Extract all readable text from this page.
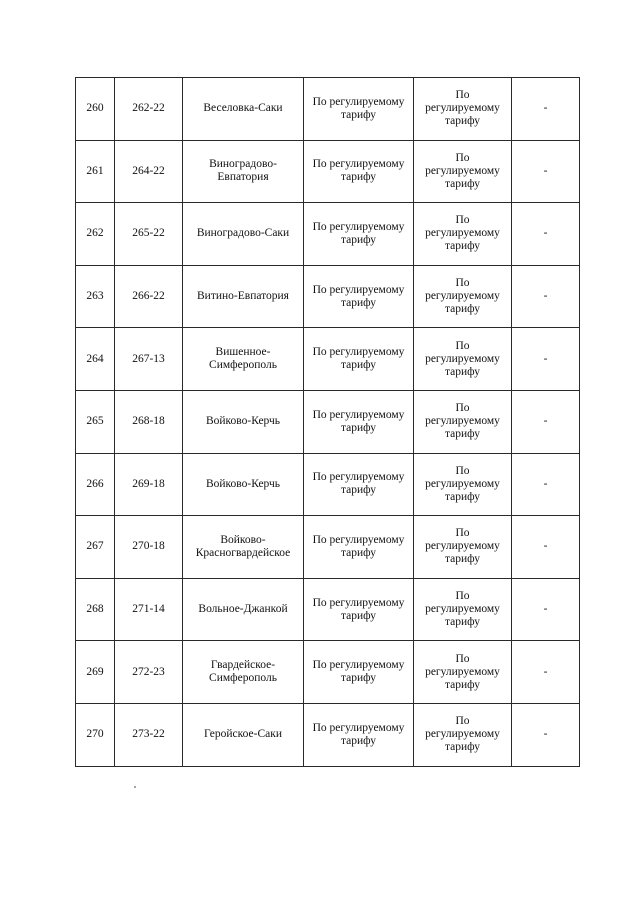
260	262-22	Веселовка-Саки	По регулируемому тарифу	По регулируемому тарифу	-
261	264-22	Виноградово-Евпатория	По регулируемому тарифу	По регулируемому тарифу	-
262	265-22	Виноградово-Саки	По регулируемому тарифу	По регулируемому тарифу	-
263	266-22	Витино-Евпатория	По регулируемому тарифу	По регулируемому тарифу	-
264	267-13	Вишенное-Симферополь	По регулируемому тарифу	По регулируемому тарифу	-
265	268-18	Войково-Керчь	По регулируемому тарифу	По регулируемому тарифу	-
266	269-18	Войково-Керчь	По регулируемому тарифу	По регулируемому тарифу	-
267	270-18	Войково-Красногвардейское	По регулируемому тарифу	По регулируемому тарифу	-
268	271-14	Вольное-Джанкой	По регулируемому тарифу	По регулируемому тарифу	-
269	272-23	Гвардейское-Симферополь	По регулируемому тарифу	По регулируемому тарифу	-
270	273-22	Геройское-Саки	По регулируемому тарифу	По регулируемому тарифу	-
